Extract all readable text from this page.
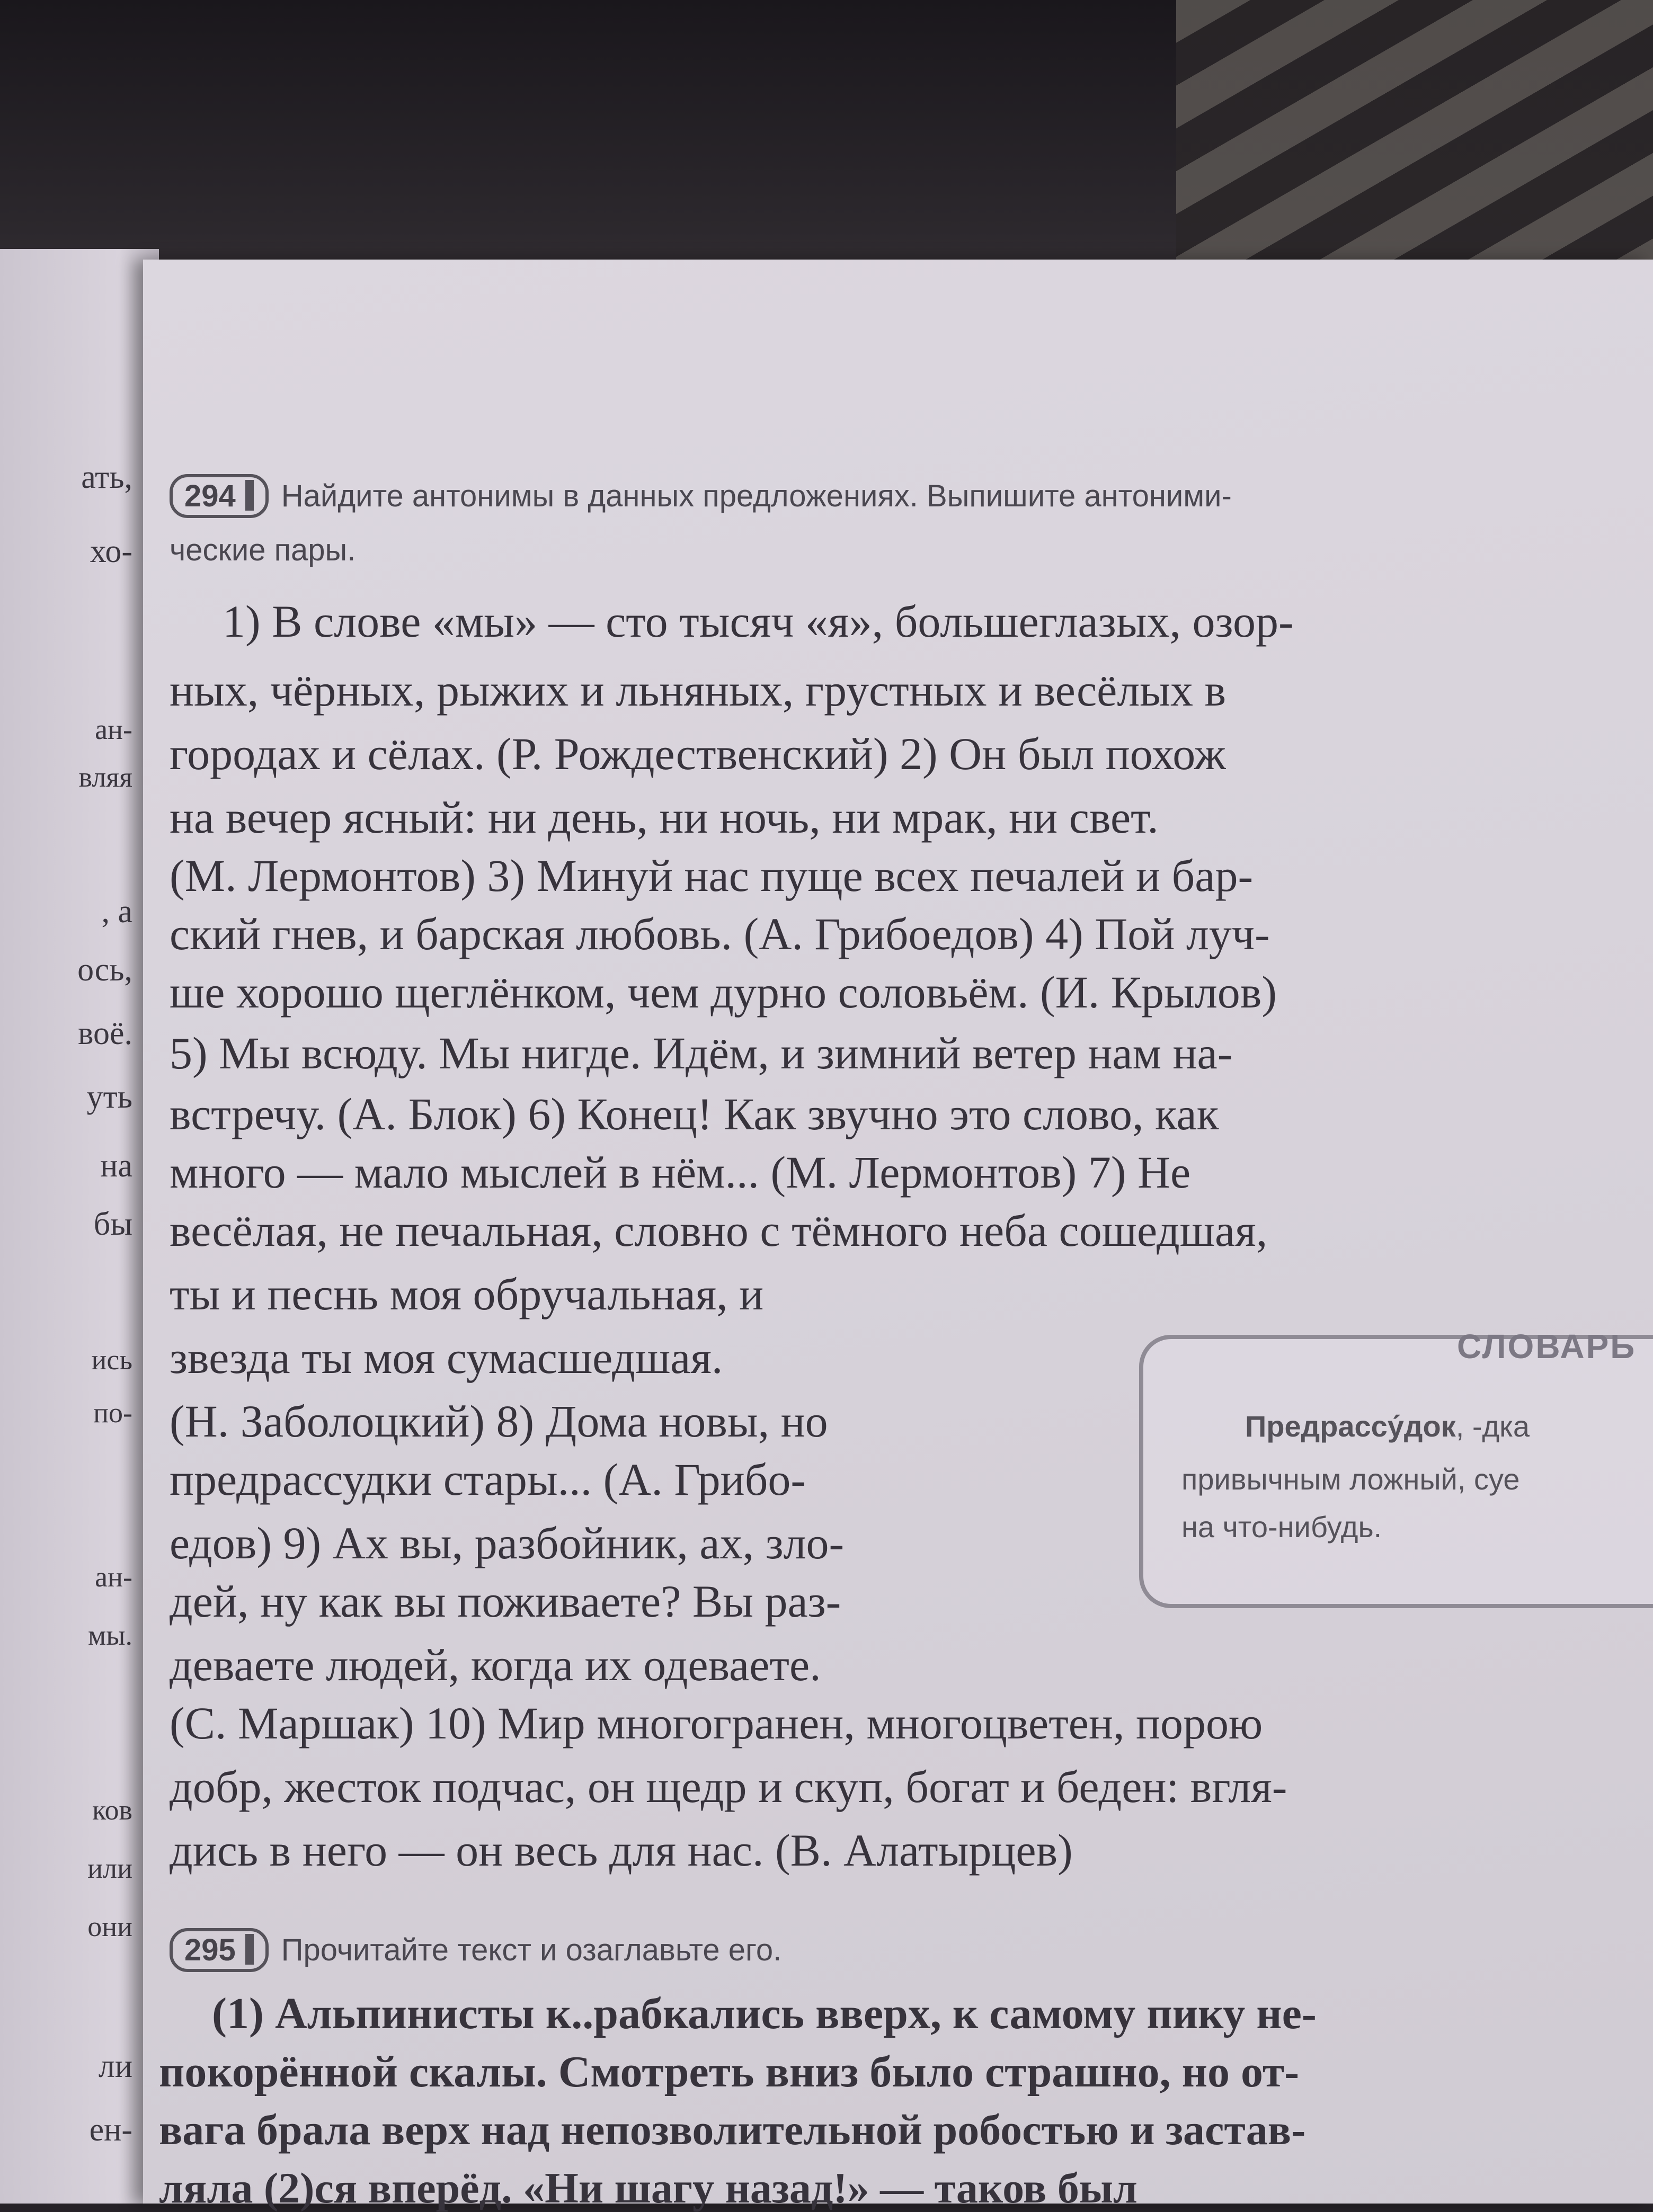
ать,
хо-
ан-
вляя
, а
ось,
воё.
уть
на
бы
ись
по-
ан-
мы.
ков
или
они
ли
ен-
294 Найдите антонимы в данных предложениях. Выпишите антоними-
ческие пары.
1) В слове «мы» — сто тысяч «я», большеглазых, озор-
ных, чёрных, рыжих и льняных, грустных и весёлых в
городах и сёлах. (Р. Рождественский) 2) Он был похож
на вечер ясный: ни день, ни ночь, ни мрак, ни свет.
(М. Лермонтов) 3) Минуй нас пуще всех печалей и бар-
ский гнев, и барская любовь. (А. Грибоедов) 4) Пой луч-
ше хорошо щеглёнком, чем дурно соловьём. (И. Крылов)
5) Мы всюду. Мы нигде. Идём, и зимний ветер нам на-
встречу. (А. Блок) 6) Конец! Как звучно это слово, как
много — мало мыслей в нём... (М. Лермонтов) 7) Не
весёлая, не печальная, словно с тёмного неба сошедшая,
ты и песнь моя обручальная, и
звезда ты моя сумасшедшая.
(Н. Заболоцкий) 8) Дома новы, но
предрассудки стары... (А. Грибо-
едов) 9) Ах вы, разбойник, ах, зло-
дей, ну как вы поживаете? Вы раз-
деваете людей, когда их одеваете.
(С. Маршак) 10) Мир многогранен, многоцветен, порою
добр, жесток подчас, он щедр и скуп, богат и беден: вгля-
дись в него — он весь для нас. (В. Алатырцев)
СЛОВАРЬ
Предрассу́док, -дка
привычным ложный, суе
на что-нибудь.
295 Прочитайте текст и озаглавьте его.
(1) Альпинисты к..рабкались вверх, к самому пику не-
покорённой скалы. Смотреть вниз было страшно, но от-
вага брала верх над непозволительной робостью и застав-
ляла (2)ся вперёд. «Ни шагу назад!» — таков был
